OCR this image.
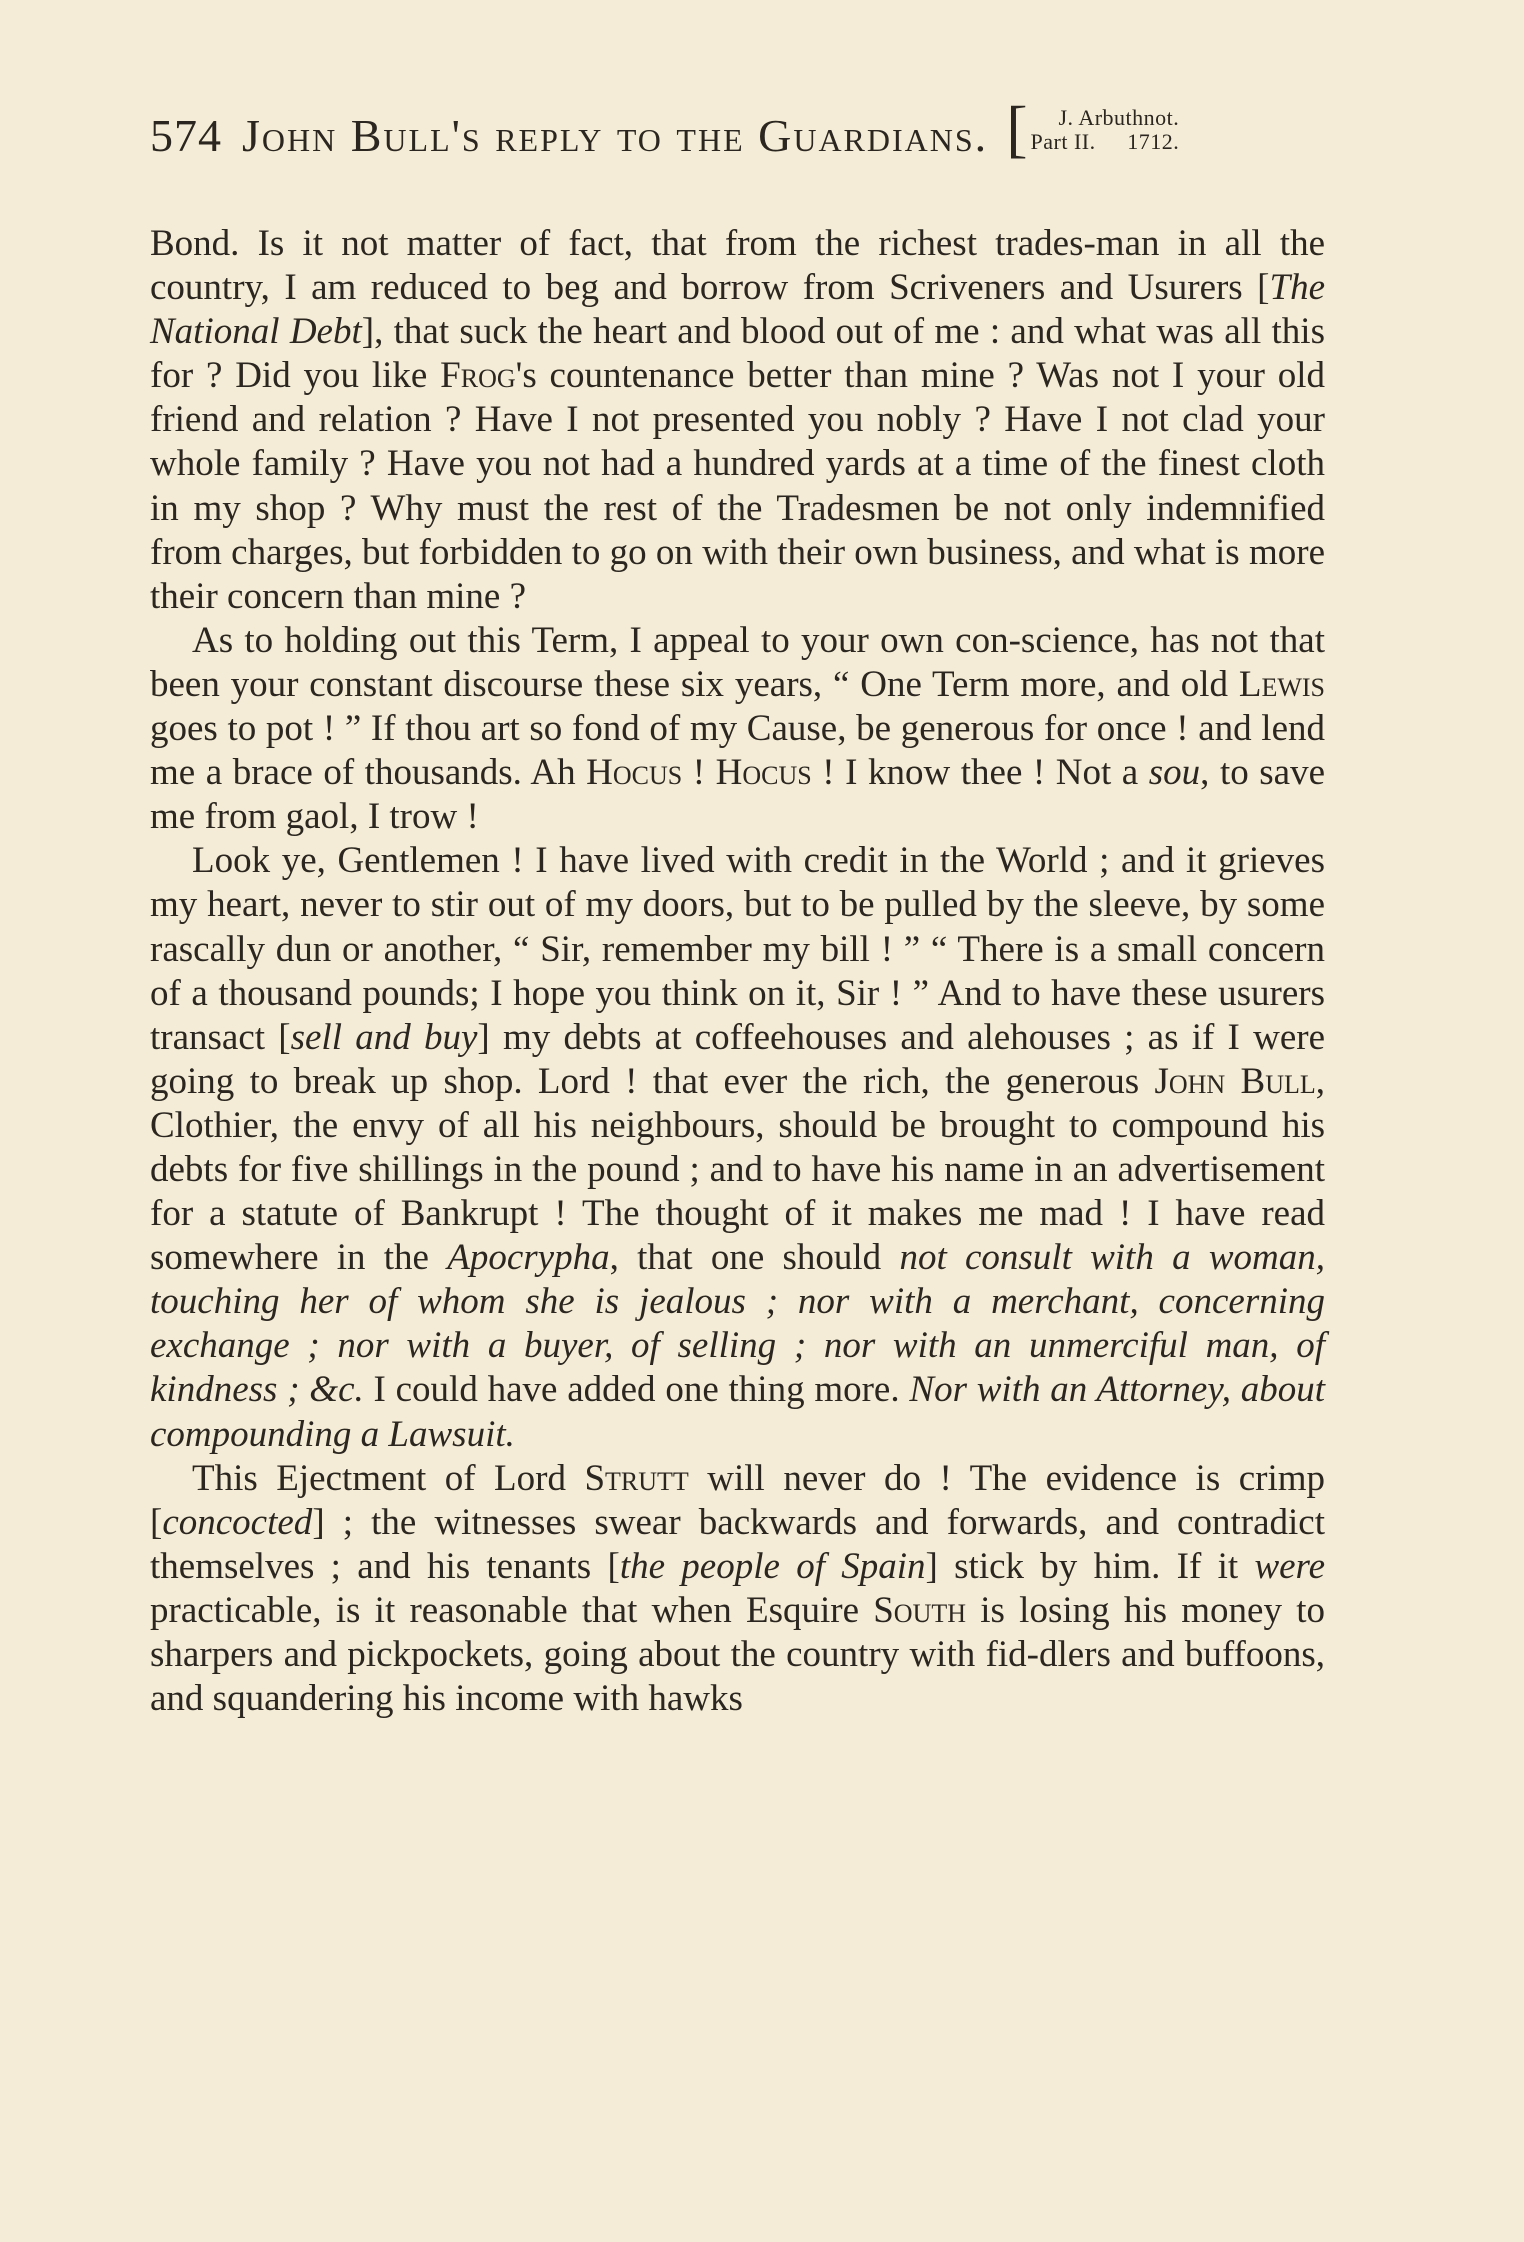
574 John Bull's reply to the Guardians. [	J. Arbuthnot.
Part II. 1712.

Bond. Is it not matter of fact, that from the richest trades-man in all the country, I am reduced to beg and borrow from Scriveners and Usurers [The National Debt], that suck the heart and blood out of me : and what was all this for ? Did you like Frog's countenance better than mine ? Was not I your old friend and relation ? Have I not presented you nobly ? Have I not clad your whole family ? Have you not had a hundred yards at a time of the finest cloth in my shop ? Why must the rest of the Tradesmen be not only indemnified from charges, but forbidden to go on with their own business, and what is more their concern than mine ?

As to holding out this Term, I appeal to your own con-science, has not that been your constant discourse these six years, “ One Term more, and old Lewis goes to pot ! ” If thou art so fond of my Cause, be generous for once ! and lend me a brace of thousands. Ah Hocus ! Hocus ! I know thee ! Not a sou, to save me from gaol, I trow !

Look ye, Gentlemen ! I have lived with credit in the World ; and it grieves my heart, never to stir out of my doors, but to be pulled by the sleeve, by some rascally dun or another, “ Sir, remember my bill ! ” “ There is a small concern of a thousand pounds; I hope you think on it, Sir ! ” And to have these usurers transact [sell and buy] my debts at coffeehouses and alehouses ; as if I were going to break up shop. Lord ! that ever the rich, the generous John Bull, Clothier, the envy of all his neighbours, should be brought to compound his debts for five shillings in the pound ; and to have his name in an advertisement for a statute of Bankrupt ! The thought of it makes me mad ! I have read somewhere in the Apocrypha, that one should not consult with a woman, touching her of whom she is jealous ; nor with a merchant, concerning exchange ; nor with a buyer, of selling ; nor with an unmerciful man, of kindness ; &c. I could have added one thing more. Nor with an Attorney, about compounding a Lawsuit.

This Ejectment of Lord Strutt will never do ! The evidence is crimp [concocted] ; the witnesses swear backwards and forwards, and contradict themselves ; and his tenants [the people of Spain] stick by him. If it were practicable, is it reasonable that when Esquire South is losing his money to sharpers and pickpockets, going about the country with fid-dlers and buffoons, and squandering his income with hawks
